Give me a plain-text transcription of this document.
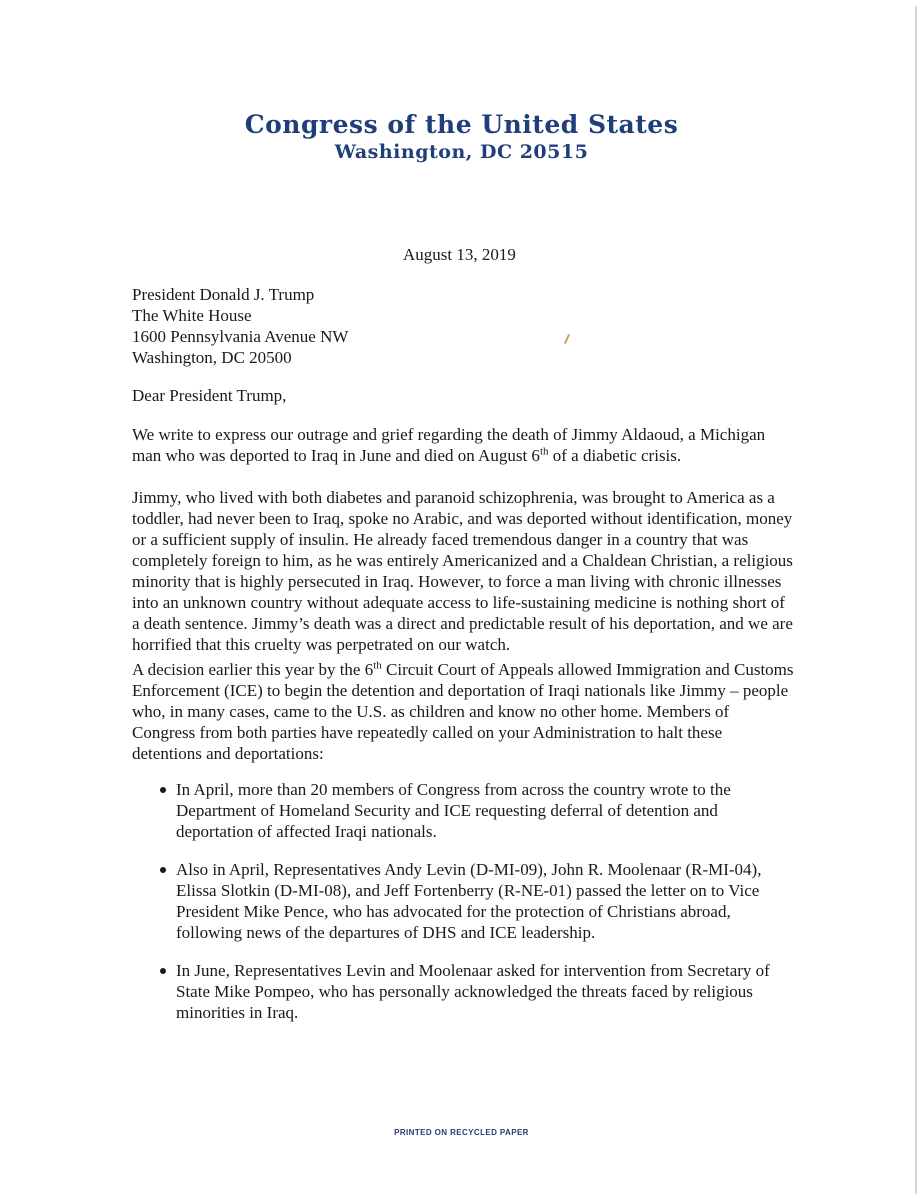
Congress of the United States
Washington, DC 20515
August 13, 2019
President Donald J. Trump
The White House
1600 Pennsylvania Avenue NW
Washington, DC 20500
Dear President Trump,
We write to express our outrage and grief regarding the death of Jimmy Aldaoud, a Michigan man who was deported to Iraq in June and died on August 6th of a diabetic crisis.
Jimmy, who lived with both diabetes and paranoid schizophrenia, was brought to America as a toddler, had never been to Iraq, spoke no Arabic, and was deported without identification, money or a sufficient supply of insulin. He already faced tremendous danger in a country that was completely foreign to him, as he was entirely Americanized and a Chaldean Christian, a religious minority that is highly persecuted in Iraq. However, to force a man living with chronic illnesses into an unknown country without adequate access to life-sustaining medicine is nothing short of a death sentence. Jimmy’s death was a direct and predictable result of his deportation, and we are horrified that this cruelty was perpetrated on our watch.
A decision earlier this year by the 6th Circuit Court of Appeals allowed Immigration and Customs Enforcement (ICE) to begin the detention and deportation of Iraqi nationals like Jimmy – people who, in many cases, came to the U.S. as children and know no other home. Members of Congress from both parties have repeatedly called on your Administration to halt these detentions and deportations:
In April, more than 20 members of Congress from across the country wrote to the Department of Homeland Security and ICE requesting deferral of detention and deportation of affected Iraqi nationals.
Also in April, Representatives Andy Levin (D-MI-09), John R. Moolenaar (R-MI-04), Elissa Slotkin (D-MI-08), and Jeff Fortenberry (R-NE-01) passed the letter on to Vice President Mike Pence, who has advocated for the protection of Christians abroad, following news of the departures of DHS and ICE leadership.
In June, Representatives Levin and Moolenaar asked for intervention from Secretary of State Mike Pompeo, who has personally acknowledged the threats faced by religious minorities in Iraq.
PRINTED ON RECYCLED PAPER
